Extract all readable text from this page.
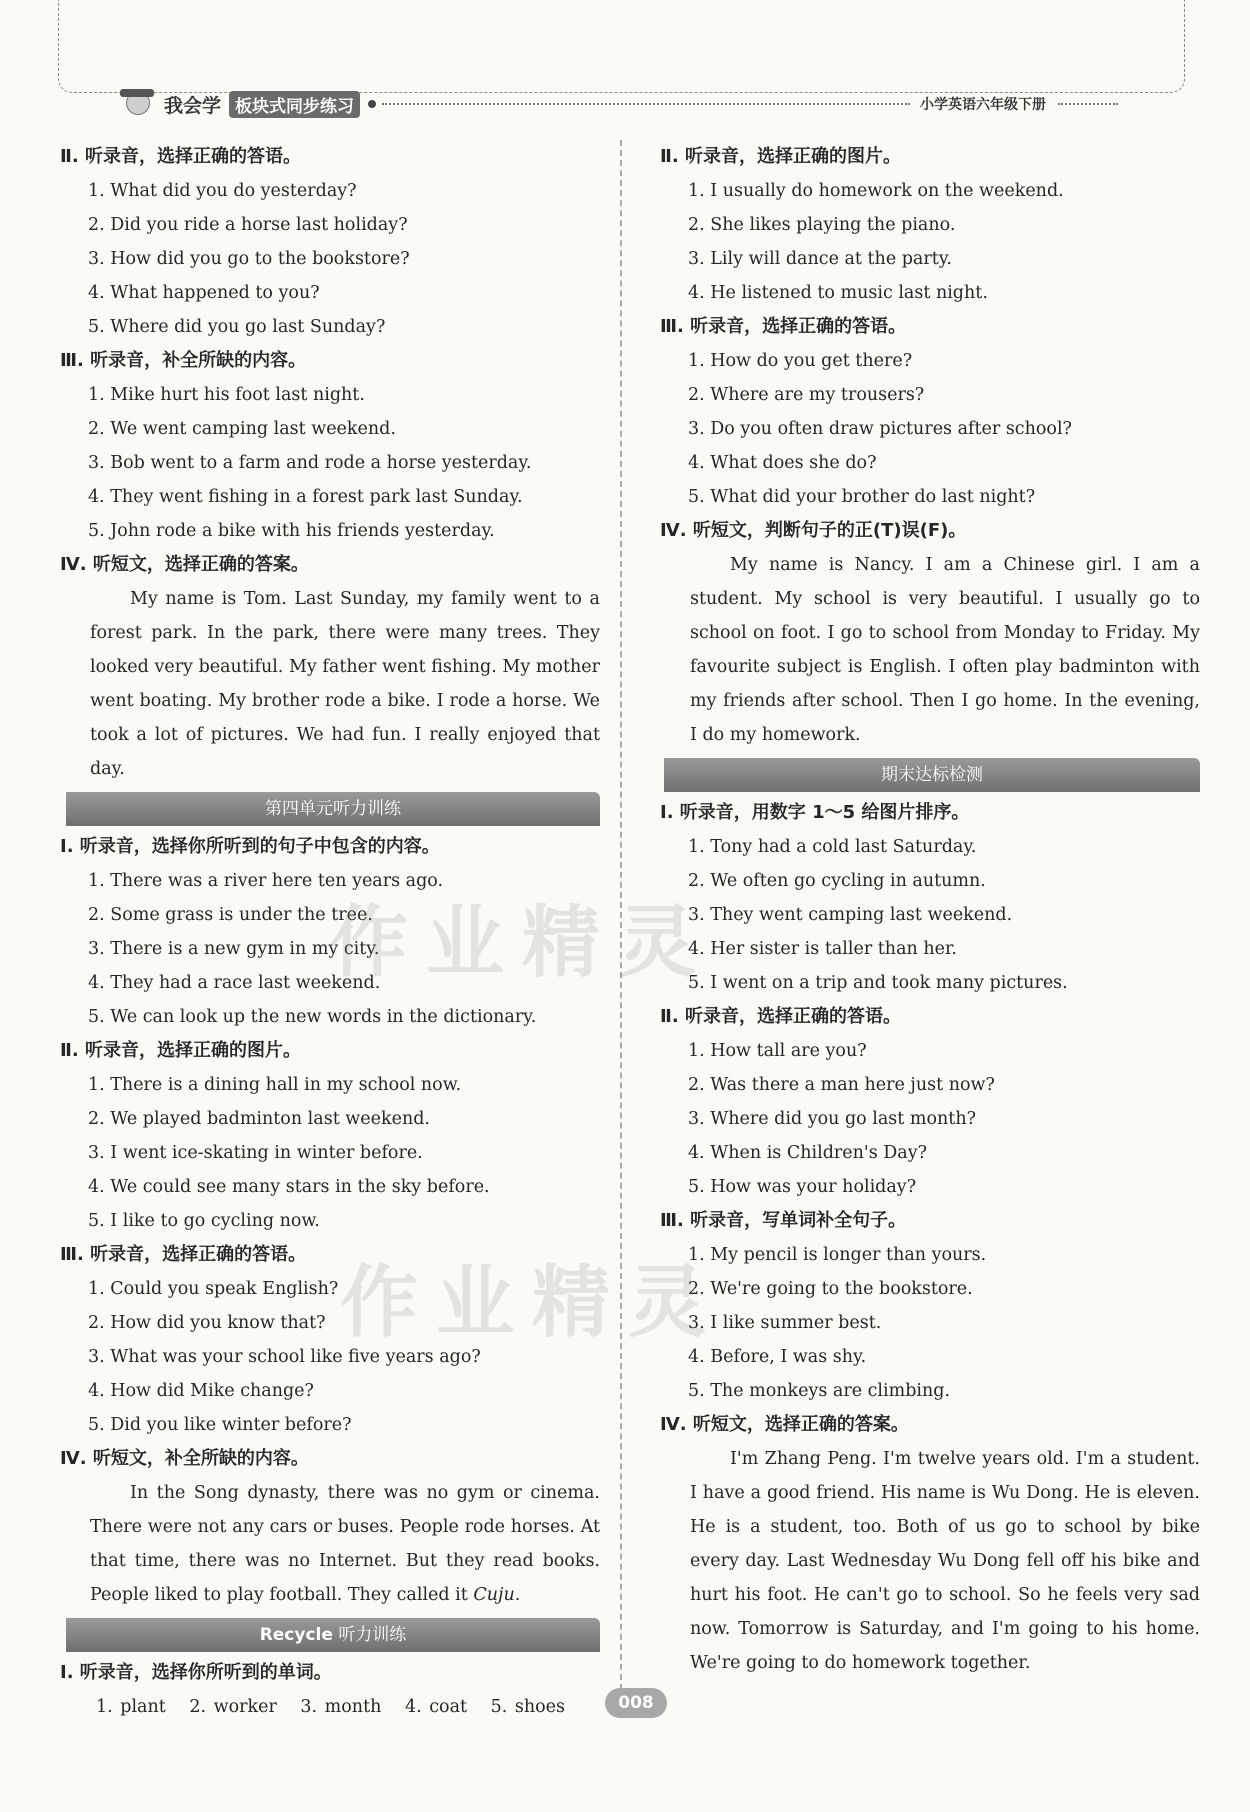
我会学 板块式同步练习	小学英语六年级下册
Ⅱ. 听录音，选择正确的答语。
1. What did you do yesterday?
2. Did you ride a horse last holiday?
3. How did you go to the bookstore?
4. What happened to you?
5. Where did you go last Sunday?
Ⅲ. 听录音，补全所缺的内容。
1. Mike hurt his foot last night.
2. We went camping last weekend.
3. Bob went to a farm and rode a horse yesterday.
4. They went fishing in a forest park last Sunday.
5. John rode a bike with his friends yesterday.
Ⅳ. 听短文，选择正确的答案。
My name is Tom. Last Sunday, my family went to a forest park. In the park, there were many trees. They looked very beautiful. My father went fishing. My mother went boating. My brother rode a bike. I rode a horse. We took a lot of pictures. We had fun. I really enjoyed that day.
第四单元听力训练
Ⅰ. 听录音，选择你所听到的句子中包含的内容。
1. There was a river here ten years ago.
2. Some grass is under the tree.
3. There is a new gym in my city.
4. They had a race last weekend.
5. We can look up the new words in the dictionary.
Ⅱ. 听录音，选择正确的图片。
1. There is a dining hall in my school now.
2. We played badminton last weekend.
3. I went ice-skating in winter before.
4. We could see many stars in the sky before.
5. I like to go cycling now.
Ⅲ. 听录音，选择正确的答语。
1. Could you speak English?
2. How did you know that?
3. What was your school like five years ago?
4. How did Mike change?
5. Did you like winter before?
Ⅳ. 听短文，补全所缺的内容。
In the Song dynasty, there was no gym or cinema. There were not any cars or buses. People rode horses. At that time, there was no Internet. But they read books. People liked to play football. They called it Cuju.
Recycle 听力训练
Ⅰ. 听录音，选择你所听到的单词。
1. plant 2. worker 3. month 4. coat 5. shoes
Ⅱ. 听录音，选择正确的图片。
1. I usually do homework on the weekend.
2. She likes playing the piano.
3. Lily will dance at the party.
4. He listened to music last night.
Ⅲ. 听录音，选择正确的答语。
1. How do you get there?
2. Where are my trousers?
3. Do you often draw pictures after school?
4. What does she do?
5. What did your brother do last night?
Ⅳ. 听短文，判断句子的正(T)误(F)。
My name is Nancy. I am a Chinese girl. I am a student. My school is very beautiful. I usually go to school on foot. I go to school from Monday to Friday. My favourite subject is English. I often play badminton with my friends after school. Then I go home. In the evening, I do my homework.
期末达标检测
Ⅰ. 听录音，用数字 1～5 给图片排序。
1. Tony had a cold last Saturday.
2. We often go cycling in autumn.
3. They went camping last weekend.
4. Her sister is taller than her.
5. I went on a trip and took many pictures.
Ⅱ. 听录音，选择正确的答语。
1. How tall are you?
2. Was there a man here just now?
3. Where did you go last month?
4. When is Children's Day?
5. How was your holiday?
Ⅲ. 听录音，写单词补全句子。
1. My pencil is longer than yours.
2. We're going to the bookstore.
3. I like summer best.
4. Before, I was shy.
5. The monkeys are climbing.
Ⅳ. 听短文，选择正确的答案。
I'm Zhang Peng. I'm twelve years old. I'm a student. I have a good friend. His name is Wu Dong. He is eleven. He is a student, too. Both of us go to school by bike every day. Last Wednesday Wu Dong fell off his bike and hurt his foot. He can't go to school. So he feels very sad now. Tomorrow is Saturday, and I'm going to his home. We're going to do homework together.
作业精灵
作业精灵
008
